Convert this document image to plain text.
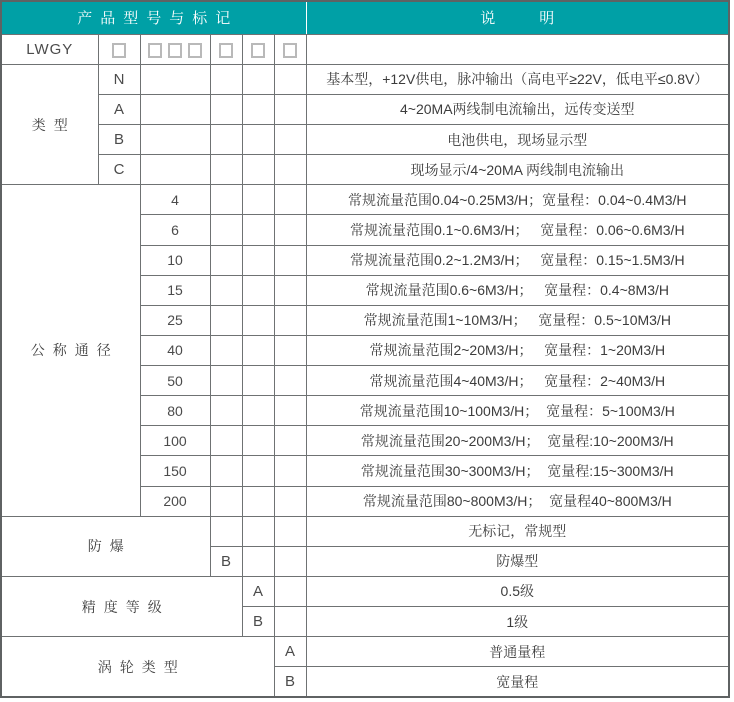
产品型号与标记						说明
LWGY						
类型	N					基本型，+12V供电，脉冲输出（高电平≥22V，低电平≤0.8V）
	A					4~20MA两线制电流输出，远传变送型
	B					电池供电，现场显示型
	C					现场显示/4~20MA 两线制电流输出
公称通径		4				常规流量范围0.04~0.25M3/H；宽量程：0.04~0.4M3/H
		6				常规流量范围0.1~0.6M3/H；   宽量程：0.06~0.6M3/H
		10				常规流量范围0.2~1.2M3/H；   宽量程：0.15~1.5M3/H
		15				常规流量范围0.6~6M3/H；   宽量程：0.4~8M3/H
		25				常规流量范围1~10M3/H；   宽量程：0.5~10M3/H
		40				常规流量范围2~20M3/H；   宽量程：1~20M3/H
		50				常规流量范围4~40M3/H；   宽量程：2~40M3/H
		80				常规流量范围10~100M3/H；  宽量程：5~100M3/H
		100				常规流量范围20~200M3/H；  宽量程:10~200M3/H
		150				常规流量范围30~300M3/H；  宽量程:15~300M3/H
		200				常规流量范围80~800M3/H；  宽量程40~800M3/H
防爆						无标记，常规型
			B			防爆型
精度等级				A		0.5级
				B		1级
涡轮类型					A	普通量程
					B	宽量程
